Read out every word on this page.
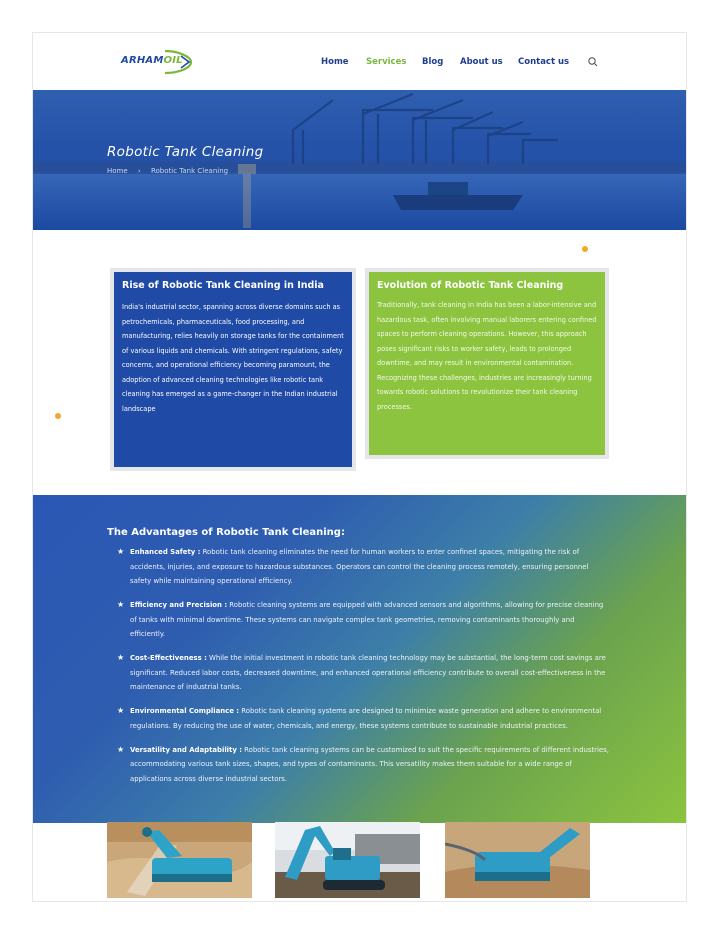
ARHAMOIL	Home Services Blog About us Contact us
Robotic Tank Cleaning
Home › Robotic Tank Cleaning
Rise of Robotic Tank Cleaning in India

India's industrial sector, spanning across diverse domains such as petrochemicals, pharmaceuticals, food processing, and manufacturing, relies heavily on storage tanks for the containment of various liquids and chemicals. With stringent regulations, safety concerns, and operational efficiency becoming paramount, the adoption of advanced cleaning technologies like robotic tank cleaning has emerged as a game-changer in the Indian industrial landscape

Evolution of Robotic Tank Cleaning

Traditionally, tank cleaning in India has been a labor-intensive and hazardous task, often involving manual laborers entering confined spaces to perform cleaning operations. However, this approach poses significant risks to worker safety, leads to prolonged downtime, and may result in environmental contamination. Recognizing these challenges, industries are increasingly turning towards robotic solutions to revolutionize their tank cleaning processes.

The Advantages of Robotic Tank Cleaning:
★ Enhanced Safety : Robotic tank cleaning eliminates the need for human workers to enter confined spaces, mitigating the risk of accidents, injuries, and exposure to hazardous substances. Operators can control the cleaning process remotely, ensuring personnel safety while maintaining operational efficiency.
★ Efficiency and Precision : Robotic cleaning systems are equipped with advanced sensors and algorithms, allowing for precise cleaning of tanks with minimal downtime. These systems can navigate complex tank geometries, removing contaminants thoroughly and efficiently.
★ Cost-Effectiveness : While the initial investment in robotic tank cleaning technology may be substantial, the long-term cost savings are significant. Reduced labor costs, decreased downtime, and enhanced operational efficiency contribute to overall cost-effectiveness in the maintenance of industrial tanks.
★ Environmental Compliance : Robotic tank cleaning systems are designed to minimize waste generation and adhere to environmental regulations. By reducing the use of water, chemicals, and energy, these systems contribute to sustainable industrial practices.
★ Versatility and Adaptability : Robotic tank cleaning systems can be customized to suit the specific requirements of different industries, accommodating various tank sizes, shapes, and types of contaminants. This versatility makes them suitable for a wide range of applications across diverse industrial sectors.
